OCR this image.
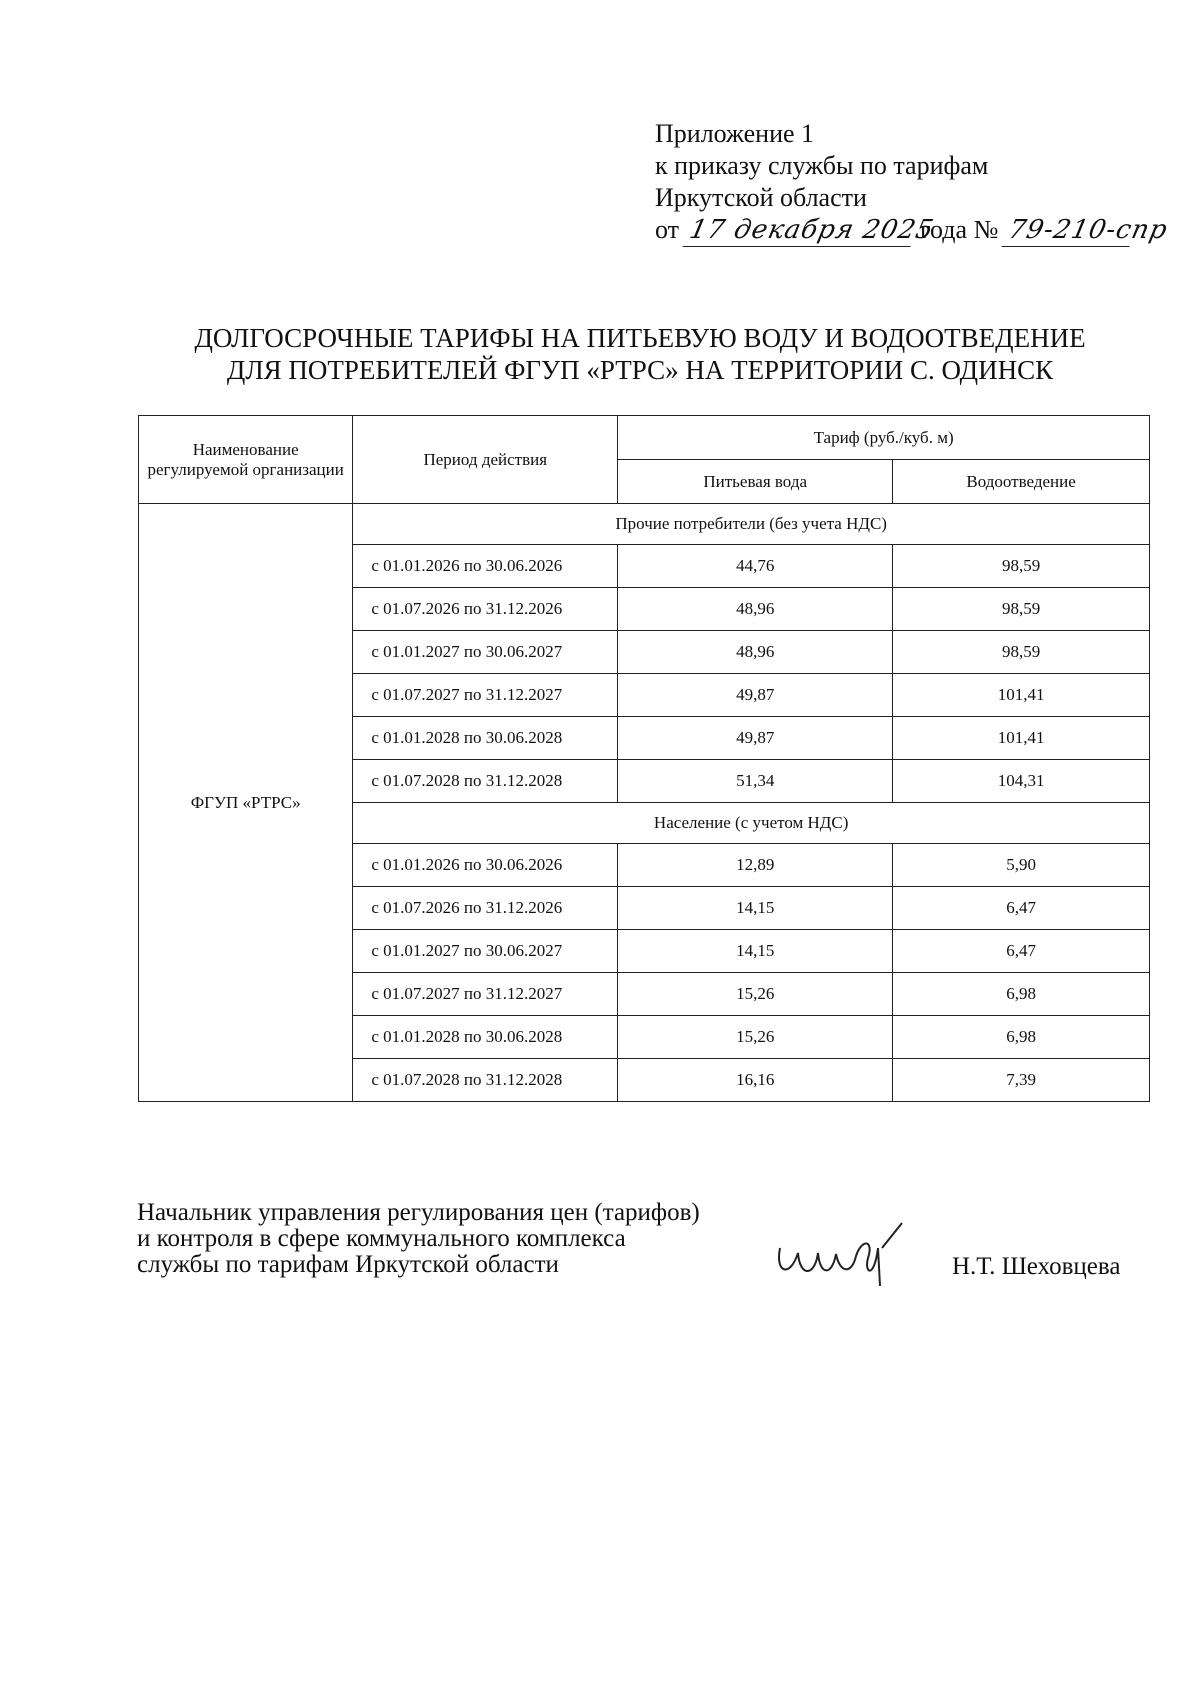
Приложение 1
к приказу службы по тарифам
Иркутской области
от 17 декабря 2025 года № 79-210-спр
ДОЛГОСРОЧНЫЕ ТАРИФЫ НА ПИТЬЕВУЮ ВОДУ И ВОДООТВЕДЕНИЕ
ДЛЯ ПОТРЕБИТЕЛЕЙ ФГУП «РТРС» НА ТЕРРИТОРИИ С. ОДИНСК
Наименование регулируемой организации	Период действия	Тариф (руб./куб. м)	
		Питьевая вода	Водоотведение
ФГУП «РТРС»	Прочие потребители (без учета НДС)		
	с 01.01.2026 по 30.06.2026	44,76	98,59
	с 01.07.2026 по 31.12.2026	48,96	98,59
	с 01.01.2027 по 30.06.2027	48,96	98,59
	с 01.07.2027 по 31.12.2027	49,87	101,41
	с 01.01.2028 по 30.06.2028	49,87	101,41
	с 01.07.2028 по 31.12.2028	51,34	104,31
	Население (с учетом НДС)		
	с 01.01.2026 по 30.06.2026	12,89	5,90
	с 01.07.2026 по 31.12.2026	14,15	6,47
	с 01.01.2027 по 30.06.2027	14,15	6,47
	с 01.07.2027 по 31.12.2027	15,26	6,98
	с 01.01.2028 по 30.06.2028	15,26	6,98
	с 01.07.2028 по 31.12.2028	16,16	7,39
Начальник управления регулирования цен (тарифов)
и контроля в сфере коммунального комплекса
службы по тарифам Иркутской области	Н.Т. Шеховцева
